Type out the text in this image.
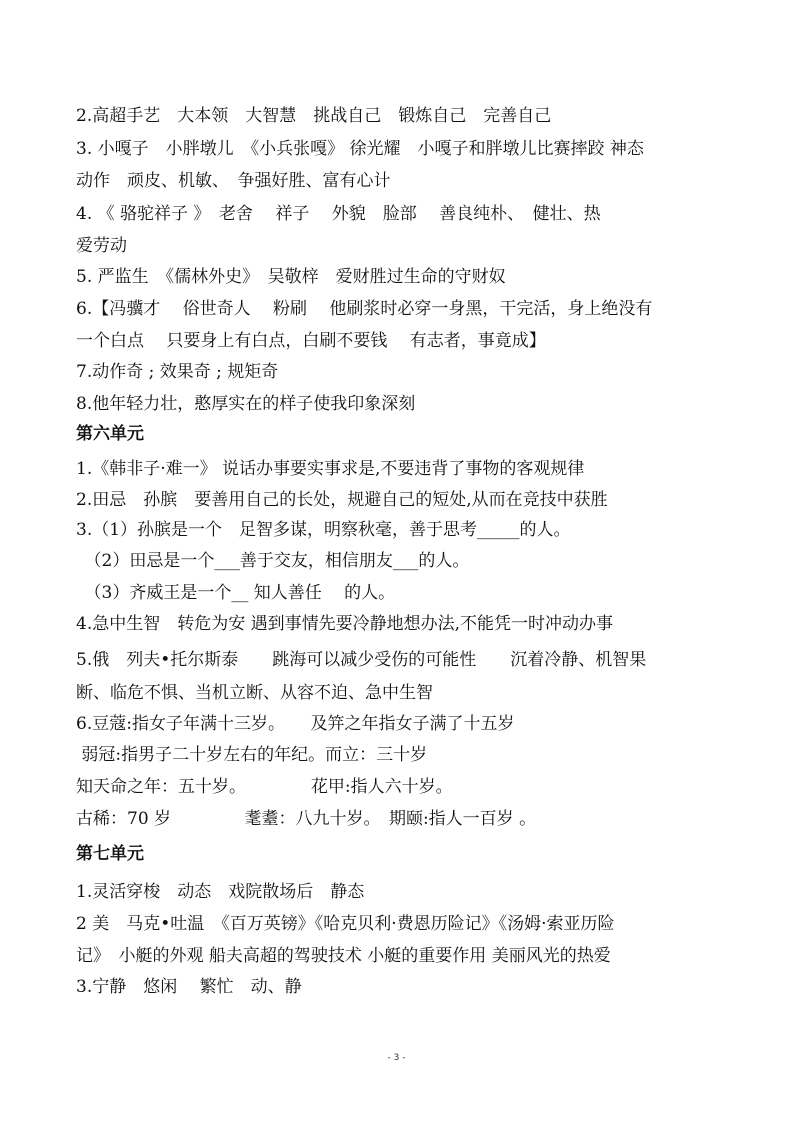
2.高超手艺　大本领　大智慧　挑战自己　锻炼自己　完善自己

3. 小嘎子　小胖墩儿　《小兵张嘎》 徐光耀　小嘎子和胖墩儿比赛摔跤 神态

动作　顽皮、机敏、　争强好胜、富有心计

4. 《 骆驼祥子 》　老舍　 祥子　 外貌　脸部　 善良纯朴、　健壮、热

爱劳动

5. 严监生　《儒林外史》　吴敬梓　爱财胜过生命的守财奴

6.【冯骥才　 俗世奇人　 粉刷　 他刷浆时必穿一身黑，干完活，身上绝没有

一个白点　 只要身上有白点，白刷不要钱　 有志者，事竟成】

7.动作奇 ; 效果奇 ; 规矩奇

8.他年轻力壮，憨厚实在的样子使我印象深刻

第六单元

1.《韩非子·难一》 说话办事要实事求是,不要违背了事物的客观规律

2.田忌　孙膑　要善用自己的长处，规避自己的短处,从而在竞技中获胜

3.（1）孙膑是一个　足智多谋，明察秋毫，善于思考_____的人。

　（2）田忌是一个___善于交友，相信朋友___的人。

　（3）齐威王是一个__ 知人善任　 的人。

4.急中生智　转危为安 遇到事情先要冷静地想办法,不能凭一时冲动办事

5.俄　列夫•托尔斯泰　　跳海可以减少受伤的可能性　　沉着冷静、机智果

断、临危不惧、当机立断、从容不迫、急中生智

6.豆蔻:指女子年满十三岁。　　及笄之年指女子满了十五岁

弱冠:指男子二十岁左右的年纪。而立：三十岁

知天命之年：五十岁。　　　　 花甲:指人六十岁。

古稀：70 岁　　　　 耄耋：八九十岁。　期颐:指人一百岁 。

第七单元

1.灵活穿梭　动态　戏院散场后　静态

2 美　马克•吐温　《百万英镑》《哈克贝利·费恩历险记》《汤姆·索亚历险

记》　小艇的外观 船夫高超的驾驶技术 小艇的重要作用 美丽风光的热爱

3.宁静　悠闲　 繁忙　动、静

- 3 -
